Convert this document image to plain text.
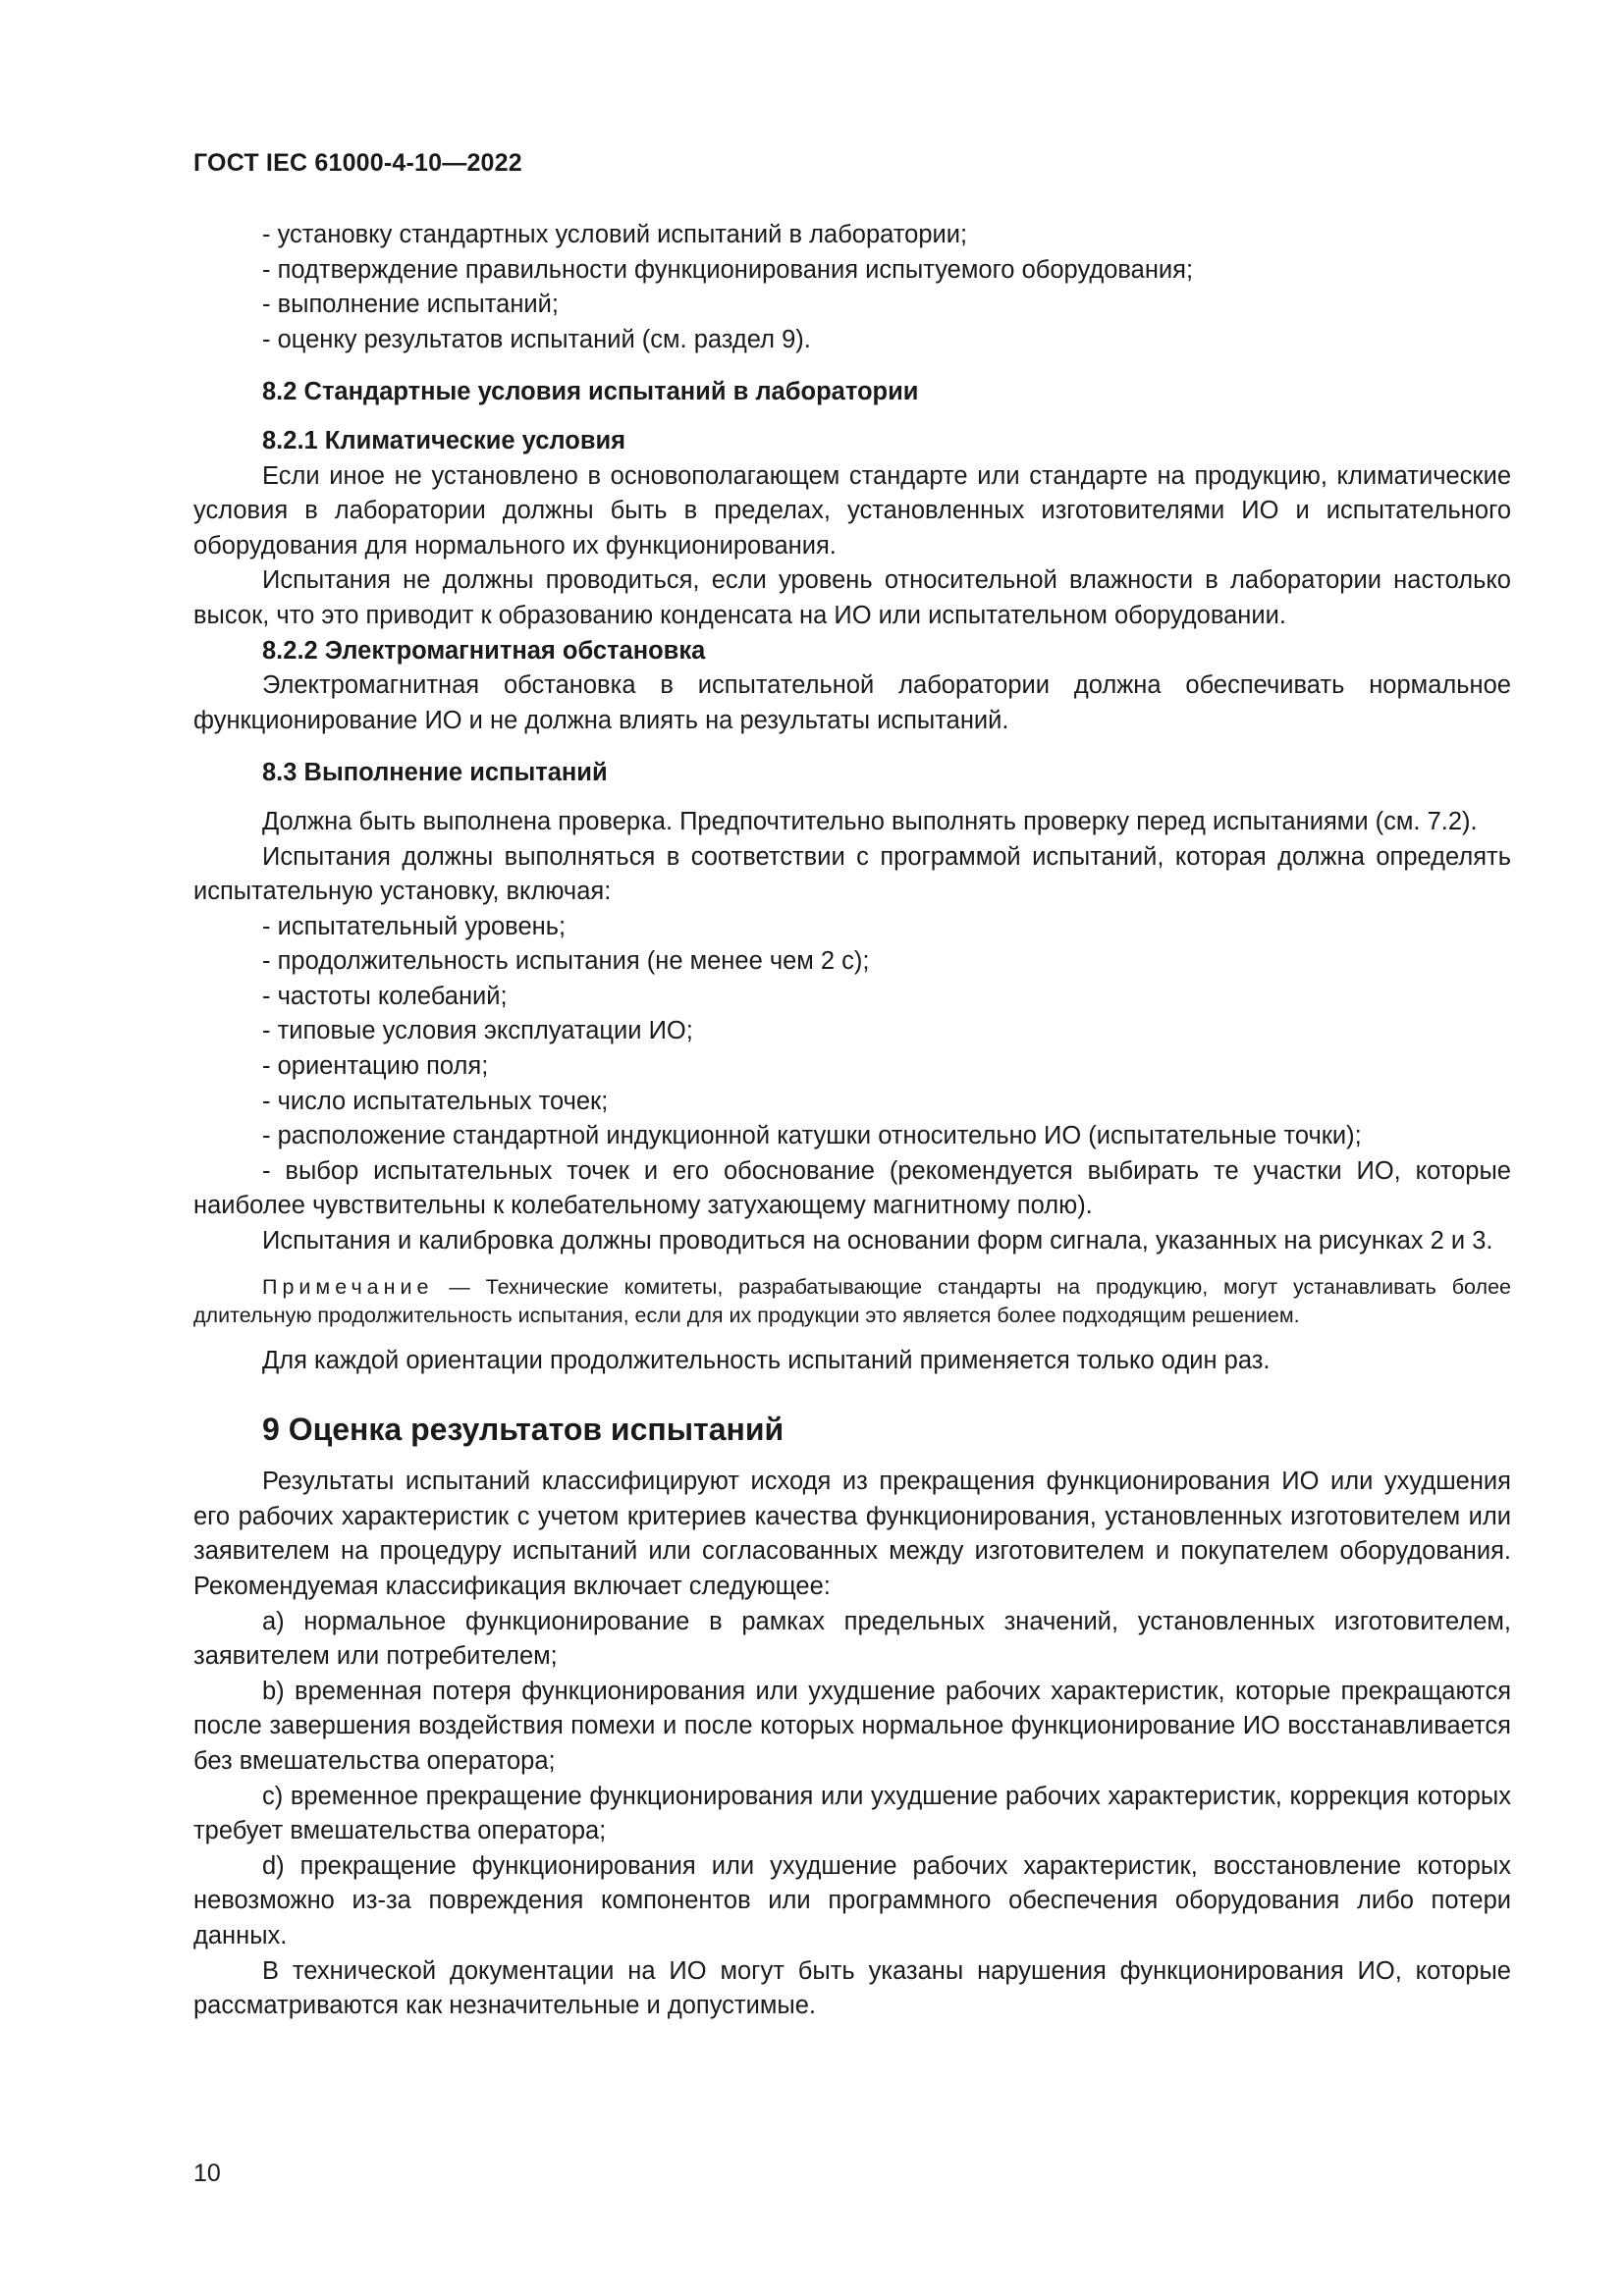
ГОСТ IEC 61000-4-10—2022

- установку стандартных условий испытаний в лаборатории;

- подтверждение правильности функционирования испытуемого оборудования;

- выполнение испытаний;

- оценку результатов испытаний (см. раздел 9).

8.2 Стандартные условия испытаний в лаборатории

8.2.1 Климатические условия

Если иное не установлено в основополагающем стандарте или стандарте на продукцию, климатические условия в лаборатории должны быть в пределах, установленных изготовителями ИО и испытательного оборудования для нормального их функционирования.

Испытания не должны проводиться, если уровень относительной влажности в лаборатории настолько высок, что это приводит к образованию конденсата на ИО или испытательном оборудовании.

8.2.2 Электромагнитная обстановка

Электромагнитная обстановка в испытательной лаборатории должна обеспечивать нормальное функционирование ИО и не должна влиять на результаты испытаний.

8.3 Выполнение испытаний

Должна быть выполнена проверка. Предпочтительно выполнять проверку перед испытаниями (см. 7.2).

Испытания должны выполняться в соответствии с программой испытаний, которая должна определять испытательную установку, включая:

- испытательный уровень;

- продолжительность испытания (не менее чем 2 с);

- частоты колебаний;

- типовые условия эксплуатации ИО;

- ориентацию поля;

- число испытательных точек;

- расположение стандартной индукционной катушки относительно ИО (испытательные точки);

- выбор испытательных точек и его обоснование (рекомендуется выбирать те участки ИО, которые наиболее чувствительны к колебательному затухающему магнитному полю).

Испытания и калибровка должны проводиться на основании форм сигнала, указанных на рисунках 2 и 3.

Примечание — Технические комитеты, разрабатывающие стандарты на продукцию, могут устанавливать более длительную продолжительность испытания, если для их продукции это является более подходящим решением.

Для каждой ориентации продолжительность испытаний применяется только один раз.

9 Оценка результатов испытаний

Результаты испытаний классифицируют исходя из прекращения функционирования ИО или ухудшения его рабочих характеристик с учетом критериев качества функционирования, установленных изготовителем или заявителем на процедуру испытаний или согласованных между изготовителем и покупателем оборудования. Рекомендуемая классификация включает следующее:

a) нормальное функционирование в рамках предельных значений, установленных изготовителем, заявителем или потребителем;

b) временная потеря функционирования или ухудшение рабочих характеристик, которые прекращаются после завершения воздействия помехи и после которых нормальное функционирование ИО восстанавливается без вмешательства оператора;

c) временное прекращение функционирования или ухудшение рабочих характеристик, коррекция которых требует вмешательства оператора;

d) прекращение функционирования или ухудшение рабочих характеристик, восстановление которых невозможно из-за повреждения компонентов или программного обеспечения оборудования либо потери данных.

В технической документации на ИО могут быть указаны нарушения функционирования ИО, которые рассматриваются как незначительные и допустимые.

10
